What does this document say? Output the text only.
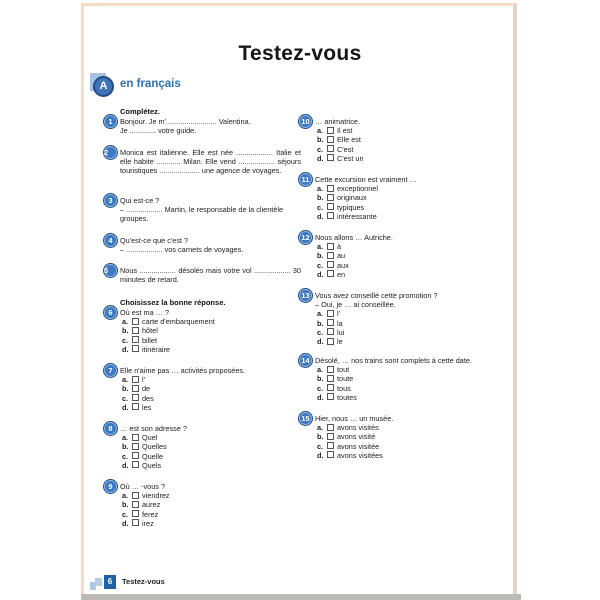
Testez-vous
A	en français
Complétez.
1	Bonjour. Je m'......................... Valentina.
Je ............. votre guide.
2	Monica est italienne. Elle est née .................. Italie et elle habite ............ Milan. Elle vend .................. séjours touristiques .................... une agence de voyages.
3	Qui est-ce ?
– .................. Martin, le responsable de la clientèle groupes.
4	Qu'est-ce que c'est ?
– .................. vos carnets de voyages.
5	Nous .................. désolés mais votre vol .................. 30 minutes de retard.
Choisissez la bonne réponse.
6	Où est ma … ?
a. carte d'embarquement
b. hôtel
c. billet
d. itinéraire
7	Elle n'aime pas … activités proposées.
a. l'
b. de
c. des
d. les
8	… est son adresse ?
a. Quel
b. Quelles
c. Quelle
d. Quels
9	Où … -vous ?
a. viendrez
b. aurez
c. ferez
d. irez
10 … animatrice.
a. Il est
b. Elle est
c. C'est
d. C'est un
11 Cette excursion est vraiment …
a. exceptionnel
b. originaux
c. typiques
d. intéressante
12 Nous allons … Autriche.
a. à
b. au
c. aux
d. en
13 Vous avez conseillé cette promotion ?
– Oui, je … ai conseillée.
a. l'
b. la
c. lui
d. le
14 Désolé, … nos trains sont complets à cette date.
a. tout
b. toute
c. tous
d. toutes
15 Hier, nous … un musée.
a. avons visités
b. avons visité
c. avons visitée
d. avons visitées
6	Testez-vous
